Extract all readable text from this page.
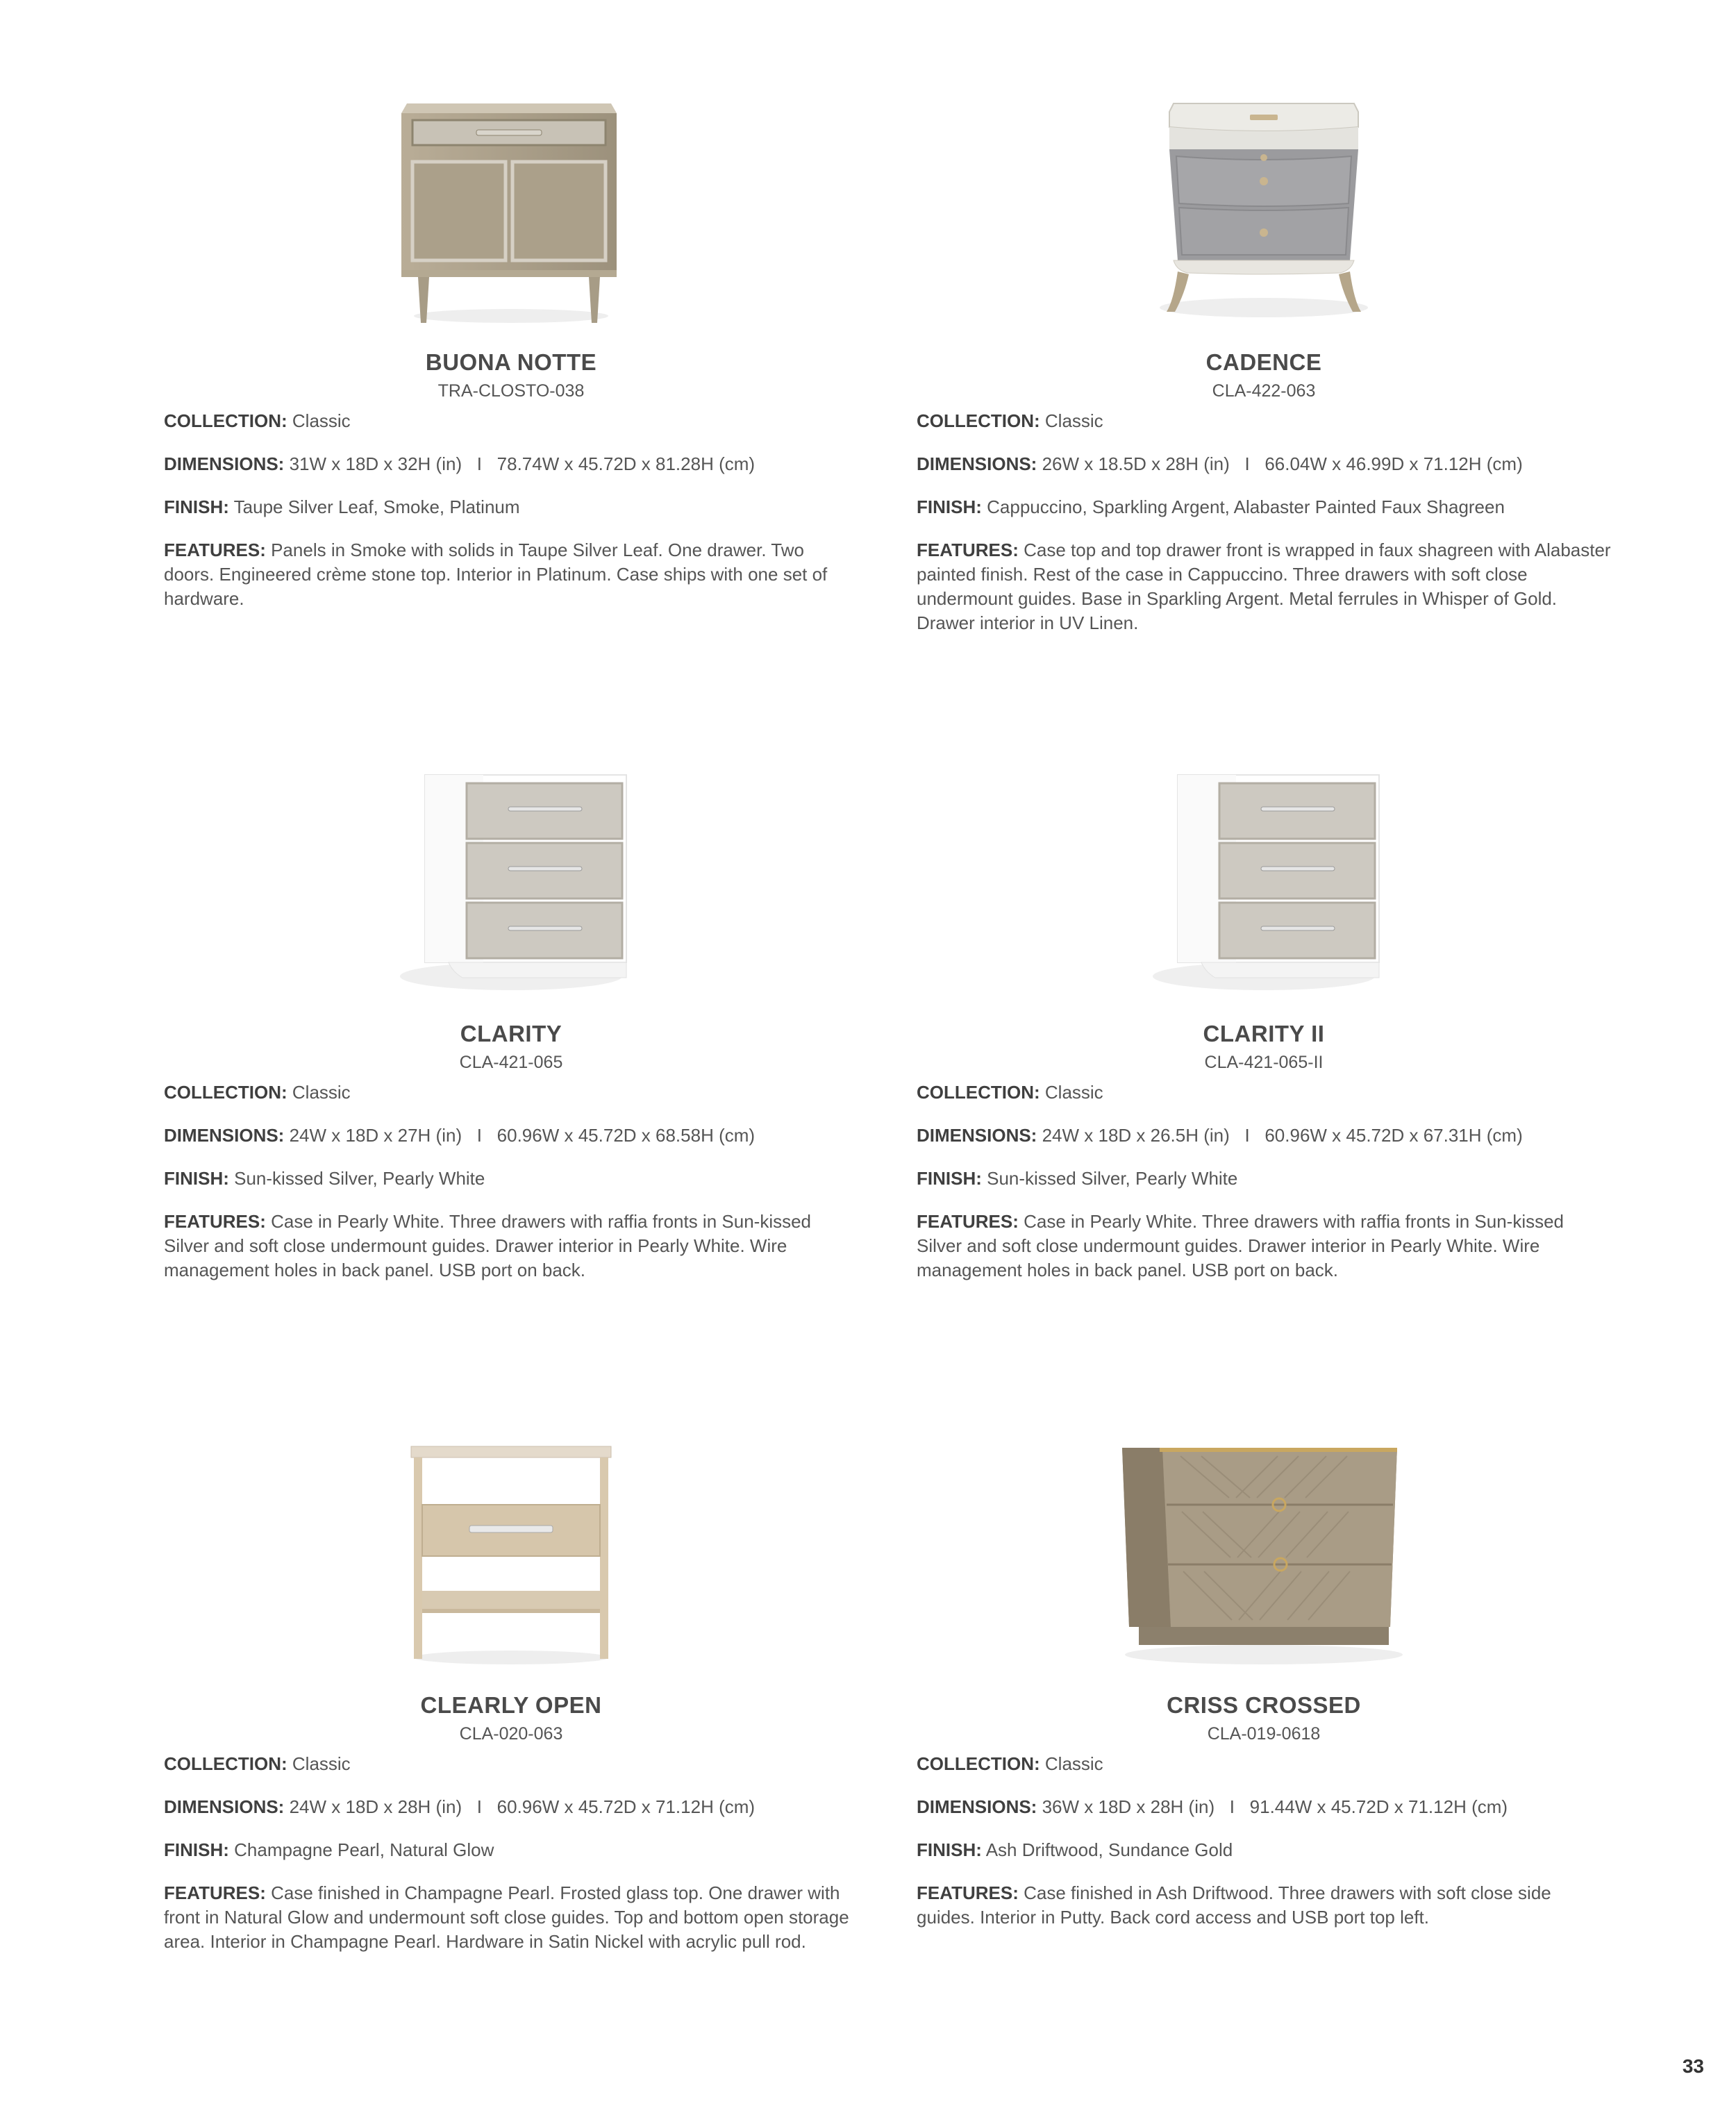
BUONA NOTTE
TRA-CLOSTO-038
COLLECTION: Classic
DIMENSIONS: 31W x 18D x 32H (in)   I   78.74W x 45.72D x 81.28H (cm)
FINISH: Taupe Silver Leaf, Smoke, Platinum
FEATURES: Panels in Smoke with solids in Taupe Silver Leaf. One drawer. Two doors. Engineered crème stone top. Interior in Platinum. Case ships with one set of hardware.
CADENCE
CLA-422-063
COLLECTION: Classic
DIMENSIONS: 26W x 18.5D x 28H (in)   I   66.04W x 46.99D x 71.12H (cm)
FINISH: Cappuccino, Sparkling Argent, Alabaster Painted Faux Shagreen
FEATURES: Case top and top drawer front is wrapped in faux shagreen with Alabaster painted finish. Rest of the case in Cappuccino. Three drawers with soft close undermount guides. Base in Sparkling Argent. Metal ferrules in Whisper of Gold. Drawer interior in UV Linen.
CLARITY
CLA-421-065
COLLECTION: Classic
DIMENSIONS: 24W x 18D x 27H (in)   I   60.96W x 45.72D x 68.58H (cm)
FINISH: Sun-kissed Silver, Pearly White
FEATURES: Case in Pearly White. Three drawers with raffia fronts in Sun-kissed Silver and soft close undermount guides. Drawer interior in Pearly White. Wire management holes in back panel. USB port on back.
CLARITY II
CLA-421-065-II
COLLECTION: Classic
DIMENSIONS: 24W x 18D x 26.5H (in)   I   60.96W x 45.72D x 67.31H (cm)
FINISH: Sun-kissed Silver, Pearly White
FEATURES: Case in Pearly White. Three drawers with raffia fronts in Sun-kissed Silver and soft close undermount guides. Drawer interior in Pearly White. Wire management holes in back panel. USB port on back.
CLEARLY OPEN
CLA-020-063
COLLECTION: Classic
DIMENSIONS: 24W x 18D x 28H (in)   I   60.96W x 45.72D x 71.12H (cm)
FINISH: Champagne Pearl, Natural Glow
FEATURES: Case finished in Champagne Pearl. Frosted glass top. One drawer with front in Natural Glow and undermount soft close guides. Top and bottom open storage area. Interior in Champagne Pearl. Hardware in Satin Nickel with acrylic pull rod.
CRISS CROSSED
CLA-019-0618
COLLECTION: Classic
DIMENSIONS: 36W x 18D x 28H (in)   I   91.44W x 45.72D x 71.12H (cm)
FINISH: Ash Driftwood, Sundance Gold
FEATURES: Case finished in Ash Driftwood. Three drawers with soft close side guides. Interior in Putty. Back cord access and USB port top left.
33
